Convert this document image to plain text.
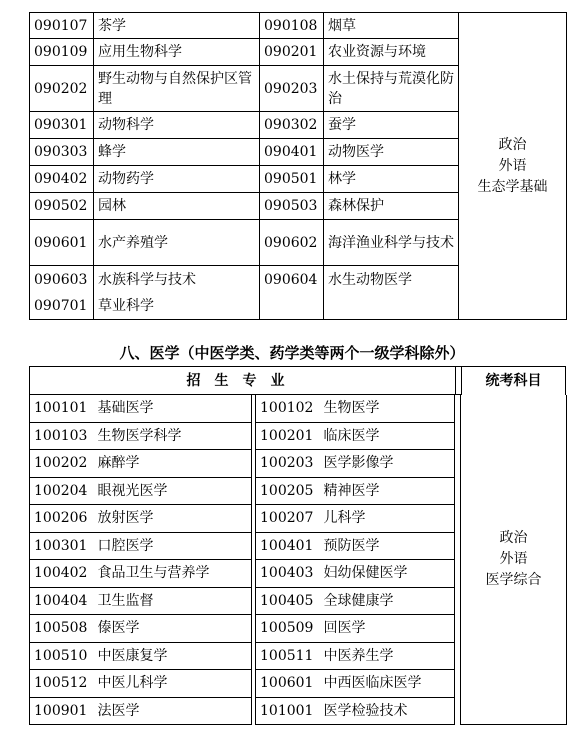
090107	茶学	090108	烟草	政治
外语
生态学基础

090109	应用生物科学	090201	农业资源与环境	
090202	野生动物与自然保护区管理	090203	水土保持与荒漠化防治	
090301	动物科学	090302	蚕学	
090303	蜂学	090401	动物医学	
090402	动物药学	090501	林学	
090502	园林	090503	森林保护	
090601	水产养殖学	090602	海洋渔业科学与技术	
090603	水族科学与技术	090604	水生动物医学	
090701	草业科学			
八、医学（中医学类、药学类等两个一级学科除外）
招生专业	统考科目
100101	基础医学		100102	生物医学		政治
外语
医学综合

100103	生物医学科学		100201	临床医学		
100202	麻醉学		100203	医学影像学		
100204	眼视光医学		100205	精神医学		
100206	放射医学		100207	儿科学		
100301	口腔医学		100401	预防医学		
100402	食品卫生与营养学		100403	妇幼保健医学		
100404	卫生监督		100405	全球健康学		
100508	傣医学		100509	回医学		
100510	中医康复学		100511	中医养生学		
100512	中医儿科学		100601	中西医临床医学		
100901	法医学		101001	医学检验技术		
